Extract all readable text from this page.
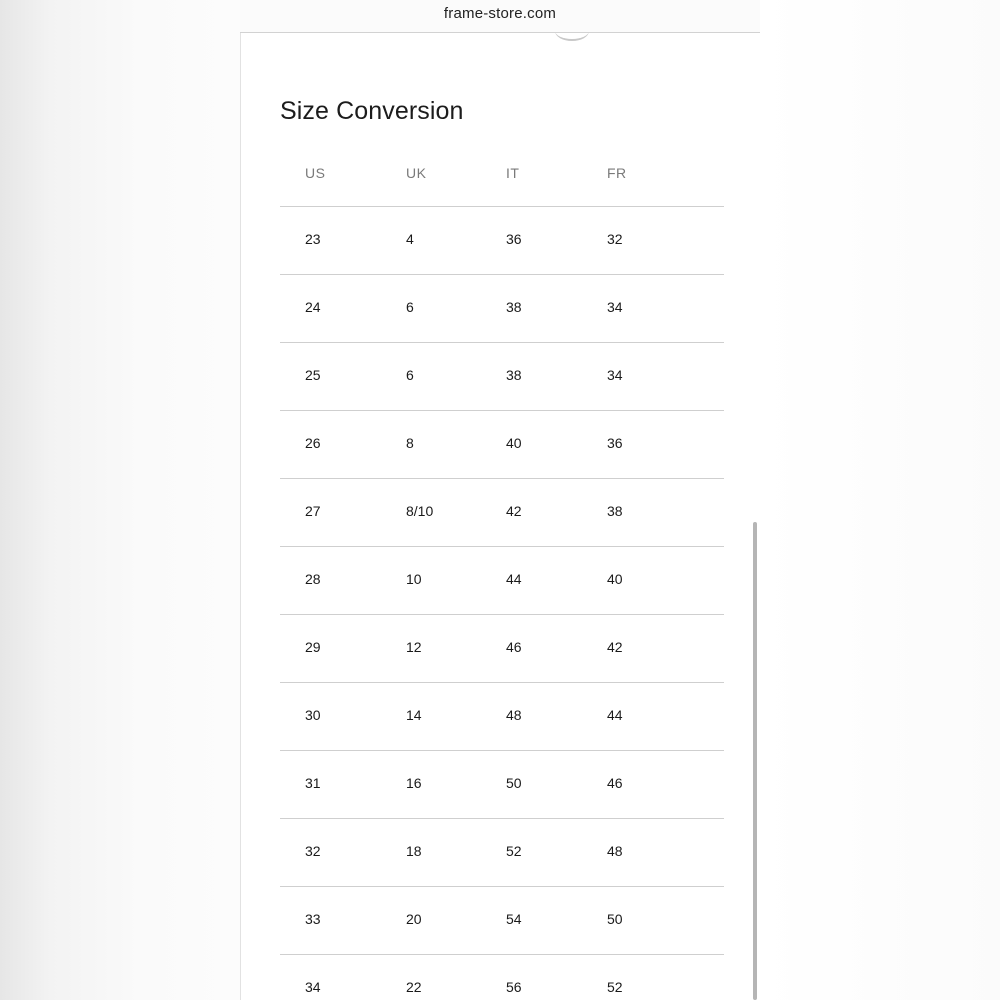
frame-store.com
Size Conversion
US	UK	IT	FR
23	4	36	32
24	6	38	34
25	6	38	34
26	8	40	36
27	8/10	42	38
28	10	44	40
29	12	46	42
30	14	48	44
31	16	50	46
32	18	52	48
33	20	54	50
34	22	56	52
